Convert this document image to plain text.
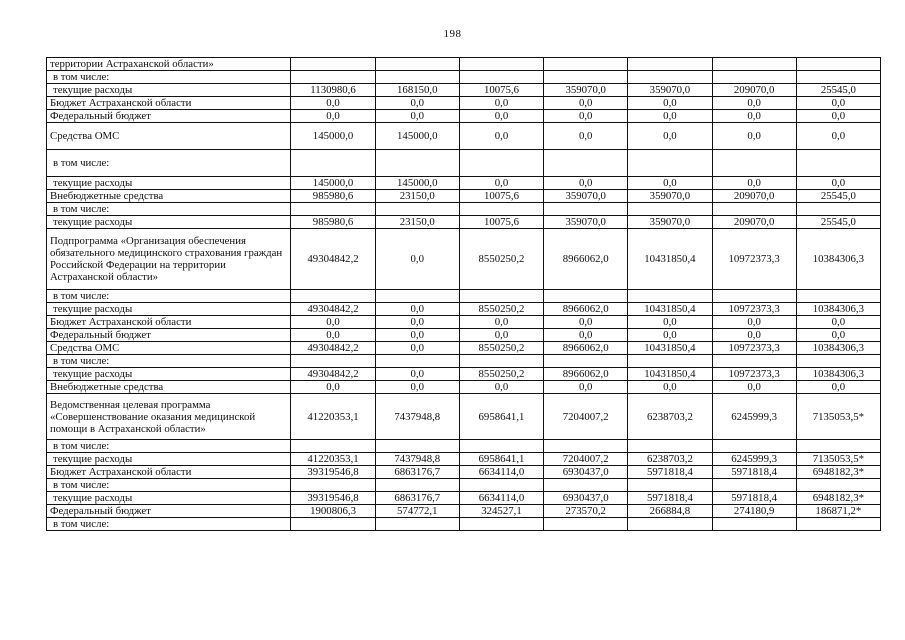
198
территории Астраханской области»							
в том числе:							
текущие расходы	1130980,6	168150,0	10075,6	359070,0	359070,0	209070,0	25545,0
Бюджет Астраханской области	0,0	0,0	0,0	0,0	0,0	0,0	0,0
Федеральный бюджет	0,0	0,0	0,0	0,0	0,0	0,0	0,0
Средства ОМС	145000,0	145000,0	0,0	0,0	0,0	0,0	0,0
в том числе:							
текущие расходы	145000,0	145000,0	0,0	0,0	0,0	0,0	0,0
Внебюджетные средства	985980,6	23150,0	10075,6	359070,0	359070,0	209070,0	25545,0
в том числе:							
текущие расходы	985980,6	23150,0	10075,6	359070,0	359070,0	209070,0	25545,0
Подпрограмма «Организация обеспечения обязательного медицинского страхования граждан Российской Федерации на территории Астраханской области»	49304842,2	0,0	8550250,2	8966062,0	10431850,4	10972373,3	10384306,3
в том числе:							
текущие расходы	49304842,2	0,0	8550250,2	8966062,0	10431850,4	10972373,3	10384306,3
Бюджет Астраханской области	0,0	0,0	0,0	0,0	0,0	0,0	0,0
Федеральный бюджет	0,0	0,0	0,0	0,0	0,0	0,0	0,0
Средства ОМС	49304842,2	0,0	8550250,2	8966062,0	10431850,4	10972373,3	10384306,3
в том числе:							
текущие расходы	49304842,2	0,0	8550250,2	8966062,0	10431850,4	10972373,3	10384306,3
Внебюджетные средства	0,0	0,0	0,0	0,0	0,0	0,0	0,0
Ведомственная целевая программа «Совершенствование оказания медицинской помощи в Астраханской области»	41220353,1	7437948,8	6958641,1	7204007,2	6238703,2	6245999,3	7135053,5*
в том числе:							
текущие расходы	41220353,1	7437948,8	6958641,1	7204007,2	6238703,2	6245999,3	7135053,5*
Бюджет Астраханской области	39319546,8	6863176,7	6634114,0	6930437,0	5971818,4	5971818,4	6948182,3*
в том числе:							
текущие расходы	39319546,8	6863176,7	6634114,0	6930437,0	5971818,4	5971818,4	6948182,3*
Федеральный бюджет	1900806,3	574772,1	324527,1	273570,2	266884,8	274180,9	186871,2*
в том числе:							
